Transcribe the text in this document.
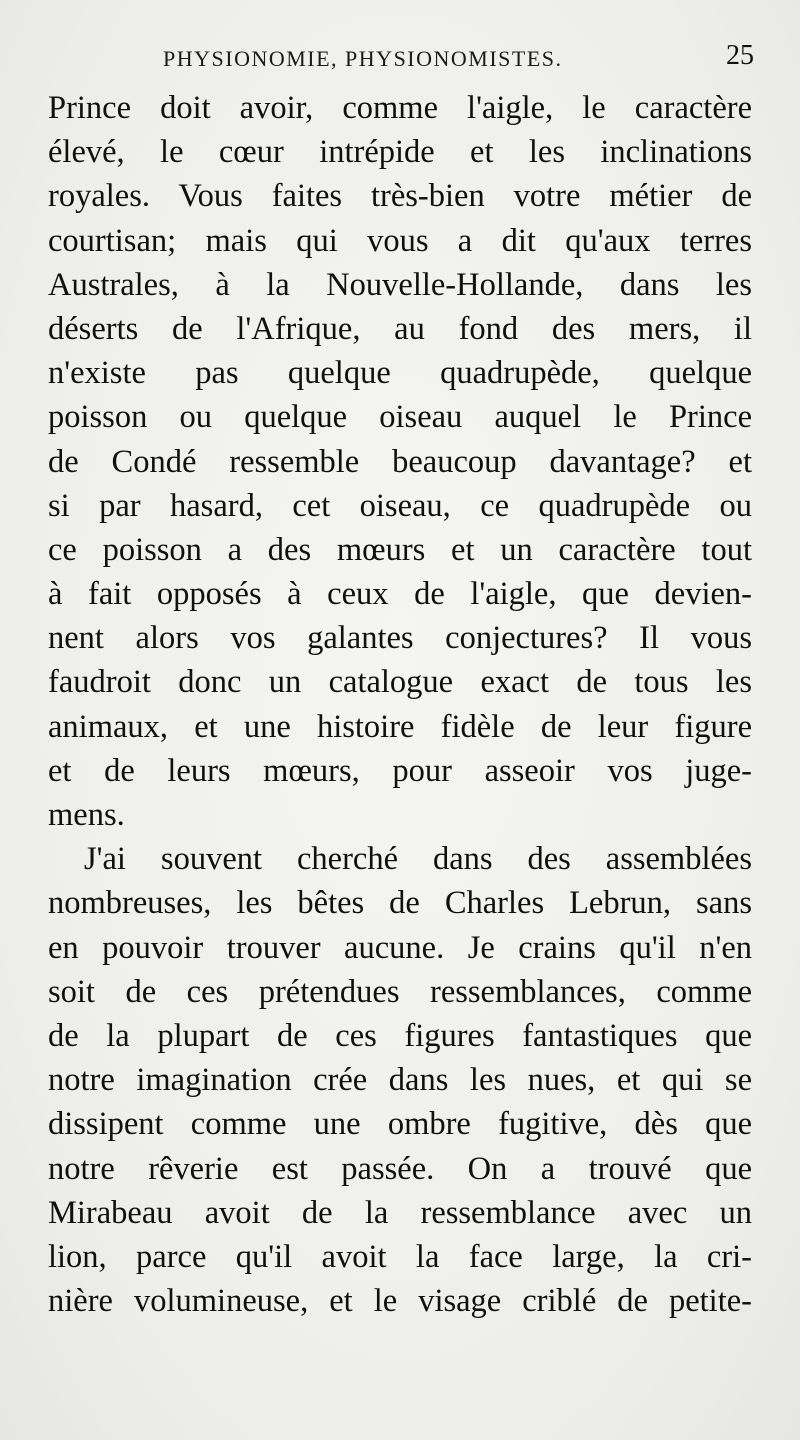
PHYSIONOMIE, PHYSIONOMISTES.	25
Prince doit avoir, comme l'aigle, le caractère
élevé, le cœur intrépide et les inclinations
royales. Vous faites très-bien votre métier de
courtisan; mais qui vous a dit qu'aux terres
Australes, à la Nouvelle-Hollande, dans les
déserts de l'Afrique, au fond des mers, il
n'existe pas quelque quadrupède, quelque
poisson ou quelque oiseau auquel le Prince
de Condé ressemble beaucoup davantage? et
si par hasard, cet oiseau, ce quadrupède ou
ce poisson a des mœurs et un caractère tout
à fait opposés à ceux de l'aigle, que devien-
nent alors vos galantes conjectures? Il vous
faudroit donc un catalogue exact de tous les
animaux, et une histoire fidèle de leur figure
et de leurs mœurs, pour asseoir vos juge-
mens.
J'ai souvent cherché dans des assemblées
nombreuses, les bêtes de Charles Lebrun, sans
en pouvoir trouver aucune. Je crains qu'il n'en
soit de ces prétendues ressemblances, comme
de la plupart de ces figures fantastiques que
notre imagination crée dans les nues, et qui se
dissipent comme une ombre fugitive, dès que
notre rêverie est passée. On a trouvé que
Mirabeau avoit de la ressemblance avec un
lion, parce qu'il avoit la face large, la cri-
nière volumineuse, et le visage criblé de petite-
